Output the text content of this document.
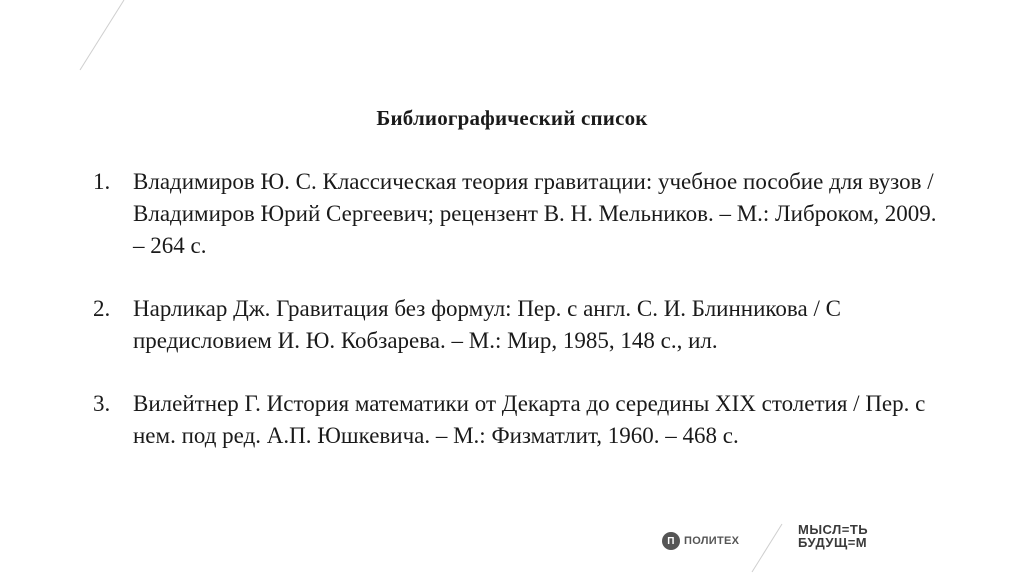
Библиографический список
1. Владимиров Ю. С. Классическая теория гравитации: учебное пособие для вузов / Владимиров Юрий Сергеевич; рецензент В. Н. Мельников. – М.: Либроком, 2009. – 264 с.
2. Нарликар Дж. Гравитация без формул: Пер. с англ. С. И. Блинникова / С предисловием И. Ю. Кобзарева. – М.: Мир, 1985, 148 с., ил.
3. Вилейтнер Г. История математики от Декарта до середины XIX столетия / Пер. с нем. под ред. А.П. Юшкевича. – М.: Физматлит, 1960. – 468 с.
П ПОЛИТЕХ
МЫСЛ=ТЬ
БУДУЩ=М
